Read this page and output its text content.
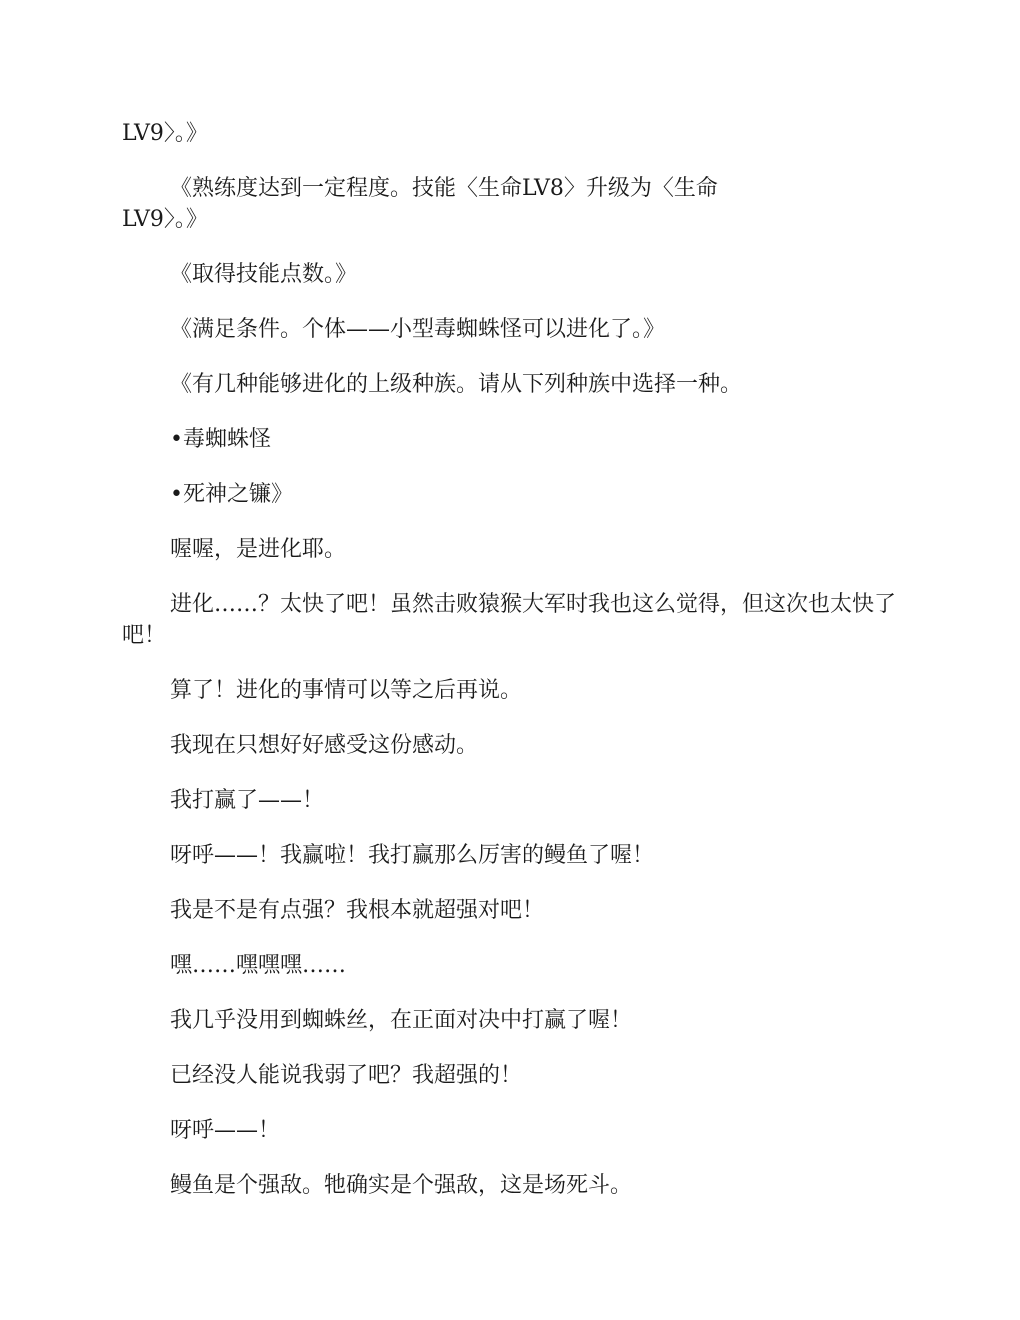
LV9〉。》

《熟练度达到一定程度。技能〈生命LV8〉升级为〈生命
LV9〉。》

《取得技能点数。》

《满足条件。个体——小型毒蜘蛛怪可以进化了。》

《有几种能够进化的上级种族。请从下列种族中选择一种。

•毒蜘蛛怪

•死神之镰》

喔喔，是进化耶。

进化……？太快了吧！虽然击败猿猴大军时我也这么觉得，但这次也太快了吧！

算了！进化的事情可以等之后再说。

我现在只想好好感受这份感动。

我打赢了——！

呀呼——！我赢啦！我打赢那么厉害的鳗鱼了喔！

我是不是有点强？我根本就超强对吧！

嘿……嘿嘿嘿……

我几乎没用到蜘蛛丝，在正面对决中打赢了喔！

已经没人能说我弱了吧？我超强的！

呀呼——！

鳗鱼是个强敌。牠确实是个强敌，这是场死斗。
